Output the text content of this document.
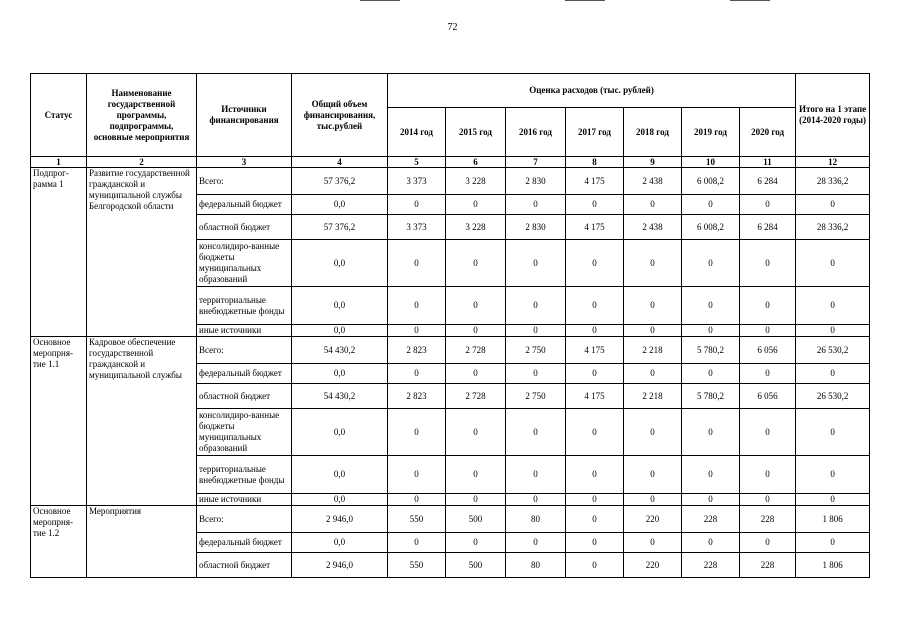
72
Статус	Наименование государственной программы, подпрограммы, основные мероприятия	Источники финансирования	Общий объем финансирования, тыс.рублей	Оценка расходов (тыс. рублей)							Итого на 1 этапе (2014-2020 годы)
				2014 год	2015 год	2016 год	2017 год	2018 год	2019 год	2020 год	
1	2	3	4	5	6	7	8	9	10	11	12
Подпрог-рамма 1	Развитие государственной гражданской и муниципальной службы Белгородской области	Всего:	57 376,2	3 373	3 228	2 830	4 175	2 438	6 008,2	6 284	28 336,2
		федеральный бюджет	0,0	0	0	0	0	0	0	0	0
		областной бюджет	57 376,2	3 373	3 228	2 830	4 175	2 438	6 008,2	6 284	28 336,2
		консолидиро-ванные бюджеты муниципальных образований	0,0	0	0	0	0	0	0	0	0
		территориальные внебюджетные фонды	0,0	0	0	0	0	0	0	0	0
		иные источники	0,0	0	0	0	0	0	0	0	0
Основное меропрня-тие 1.1	Кадровое обеспечение государственной гражданской и муниципальной службы	Всего:	54 430,2	2 823	2 728	2 750	4 175	2 218	5 780,2	6 056	26 530,2
		федеральный бюджет	0,0	0	0	0	0	0	0	0	0
		областной бюджет	54 430,2	2 823	2 728	2 750	4 175	2 218	5 780,2	6 056	26 530,2
		консолидиро-ванные бюджеты муниципальных образований	0,0	0	0	0	0	0	0	0	0
		территориальные внебюджетные фонды	0,0	0	0	0	0	0	0	0	0
		иные источники	0,0	0	0	0	0	0	0	0	0
Основное меропрня-тие 1.2	Мероприятия	Всего:	2 946,0	550	500	80	0	220	228	228	1 806
		федеральный бюджет	0,0	0	0	0	0	0	0	0	0
		областной бюджет	2 946,0	550	500	80	0	220	228	228	1 806
